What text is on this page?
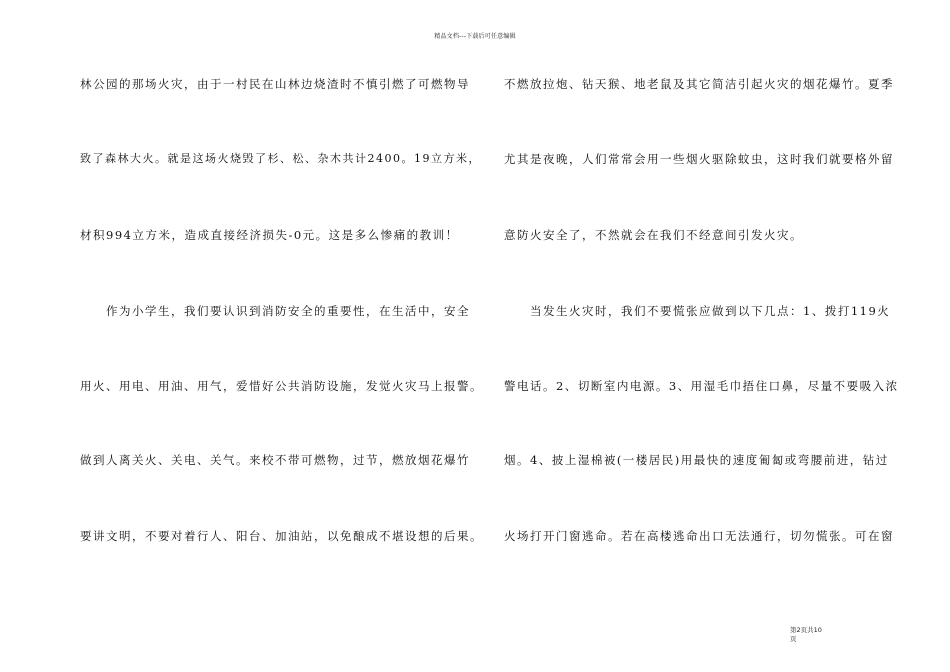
精品文档---下载后可任意编辑
林公园的那场火灾，由于一村民在山林边烧渣时不慎引燃了可燃物导
致了森林大火。就是这场火烧毁了杉、松、杂木共计2400。19立方米，
材积994立方米，造成直接经济损失-0元。这是多么惨痛的教训！
作为小学生，我们要认识到消防安全的重要性，在生活中，安全
用火、用电、用油、用气，爱惜好公共消防设施，发觉火灾马上报警。
做到人离关火、关电、关气。来校不带可燃物，过节，燃放烟花爆竹
要讲文明，不要对着行人、阳台、加油站，以免酿成不堪设想的后果。
不燃放拉炮、钻天猴、地老鼠及其它简洁引起火灾的烟花爆竹。夏季
尤其是夜晚，人们常常会用一些烟火驱除蚊虫，这时我们就要格外留
意防火安全了，不然就会在我们不经意间引发火灾。
当发生火灾时，我们不要慌张应做到以下几点：1、拨打119火
警电话。2、切断室内电源。3、用湿毛巾捂住口鼻，尽量不要吸入浓
烟。4、披上湿棉被(一楼居民)用最快的速度匍匐或弯腰前进，钻过
火场打开门窗逃命。若在高楼逃命出口无法通行，切勿慌张。可在窗
第2页共10
页
